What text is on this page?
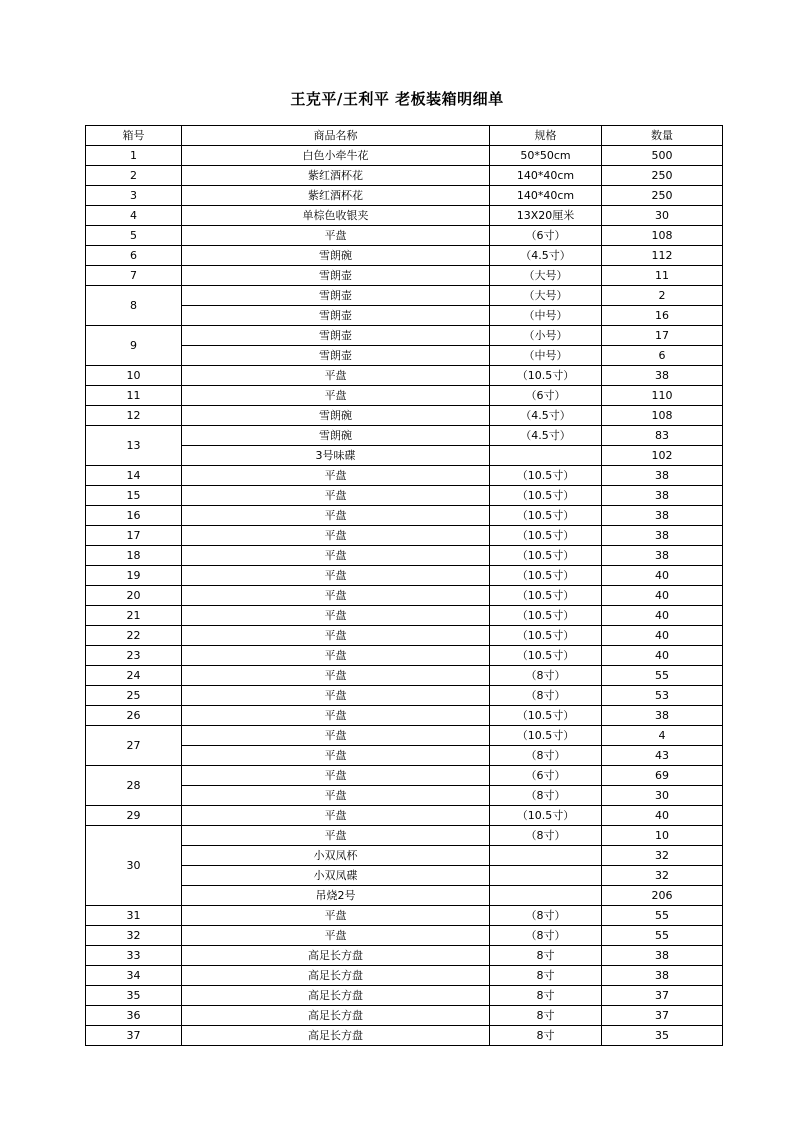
王克平/王利平 老板装箱明细单
箱号	商品名称	规格	数量
1	白色小牵牛花	50*50cm	500
2	紫红酒杯花	140*40cm	250
3	紫红酒杯花	140*40cm	250
4	单棕色收银夹	13X20厘米	30
5	平盘	（6寸）	108
6	雪朗碗	（4.5寸）	112
7	雪朗壶	（大号）	11
8	雪朗壶	（大号）	2
	雪朗壶	（中号）	16
9	雪朗壶	（小号）	17
	雪朗壶	（中号）	6
10	平盘	（10.5寸）	38
11	平盘	（6寸）	110
12	雪朗碗	（4.5寸）	108
13	雪朗碗	（4.5寸）	83
	3号味碟		102
14	平盘	（10.5寸）	38
15	平盘	（10.5寸）	38
16	平盘	（10.5寸）	38
17	平盘	（10.5寸）	38
18	平盘	（10.5寸）	38
19	平盘	（10.5寸）	40
20	平盘	（10.5寸）	40
21	平盘	（10.5寸）	40
22	平盘	（10.5寸）	40
23	平盘	（10.5寸）	40
24	平盘	（8寸）	55
25	平盘	（8寸）	53
26	平盘	（10.5寸）	38
27	平盘	（10.5寸）	4
	平盘	（8寸）	43
28	平盘	（6寸）	69
	平盘	（8寸）	30
29	平盘	（10.5寸）	40
30	平盘	（8寸）	10
	小双凤杯		32
	小双凤碟		32
	吊烧2号		206
31	平盘	（8寸）	55
32	平盘	（8寸）	55
33	高足长方盘	8寸	38
34	高足长方盘	8寸	38
35	高足长方盘	8寸	37
36	高足长方盘	8寸	37
37	高足长方盘	8寸	35
